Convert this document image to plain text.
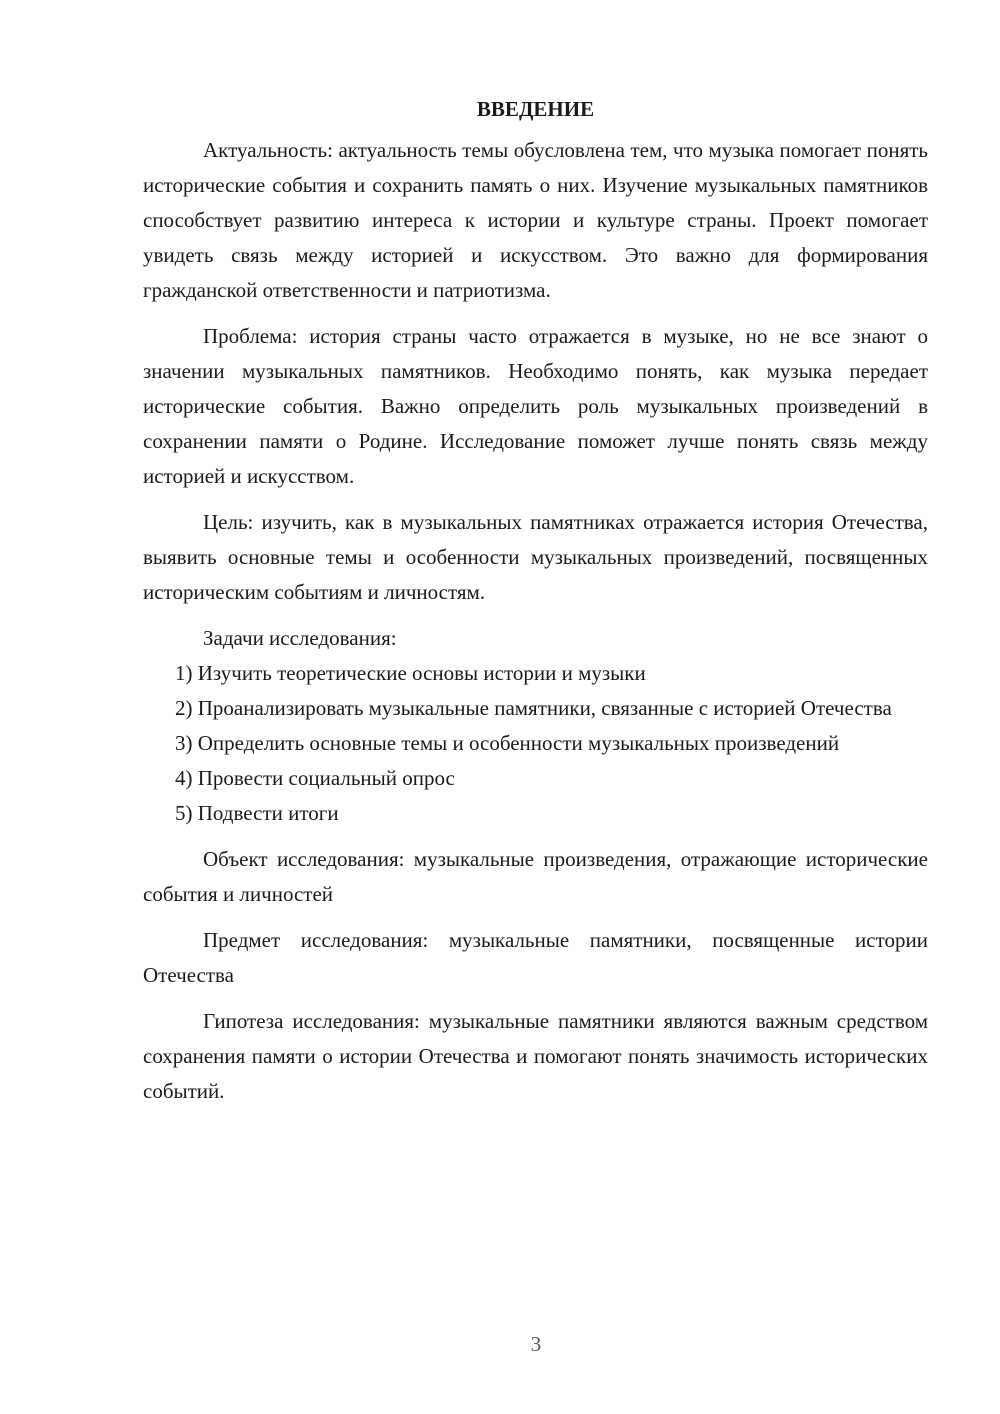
ВВЕДЕНИЕ

Актуальность: актуальность темы обусловлена тем, что музыка помогает понять исторические события и сохранить память о них. Изучение музыкальных памятников способствует развитию интереса к истории и культуре страны. Проект помогает увидеть связь между историей и искусством. Это важно для формирования гражданской ответственности и патриотизма.

Проблема: история страны часто отражается в музыке, но не все знают о значении музыкальных памятников. Необходимо понять, как музыка передает исторические события. Важно определить роль музыкальных произведений в сохранении памяти о Родине. Исследование поможет лучше понять связь между историей и искусством.

Цель: изучить, как в музыкальных памятниках отражается история Отечества, выявить основные темы и особенности музыкальных произведений, посвященных историческим событиям и личностям.

Задачи исследования:

1) Изучить теоретические основы истории и музыки

2) Проанализировать музыкальные памятники, связанные с историей Отечества

3) Определить основные темы и особенности музыкальных произведений

4) Провести социальный опрос

5) Подвести итоги

Объект исследования: музыкальные произведения, отражающие исторические события и личностей

Предмет исследования: музыкальные памятники, посвященные истории Отечества

Гипотеза исследования: музыкальные памятники являются важным средством сохранения памяти о истории Отечества и помогают понять значимость исторических событий.

3
